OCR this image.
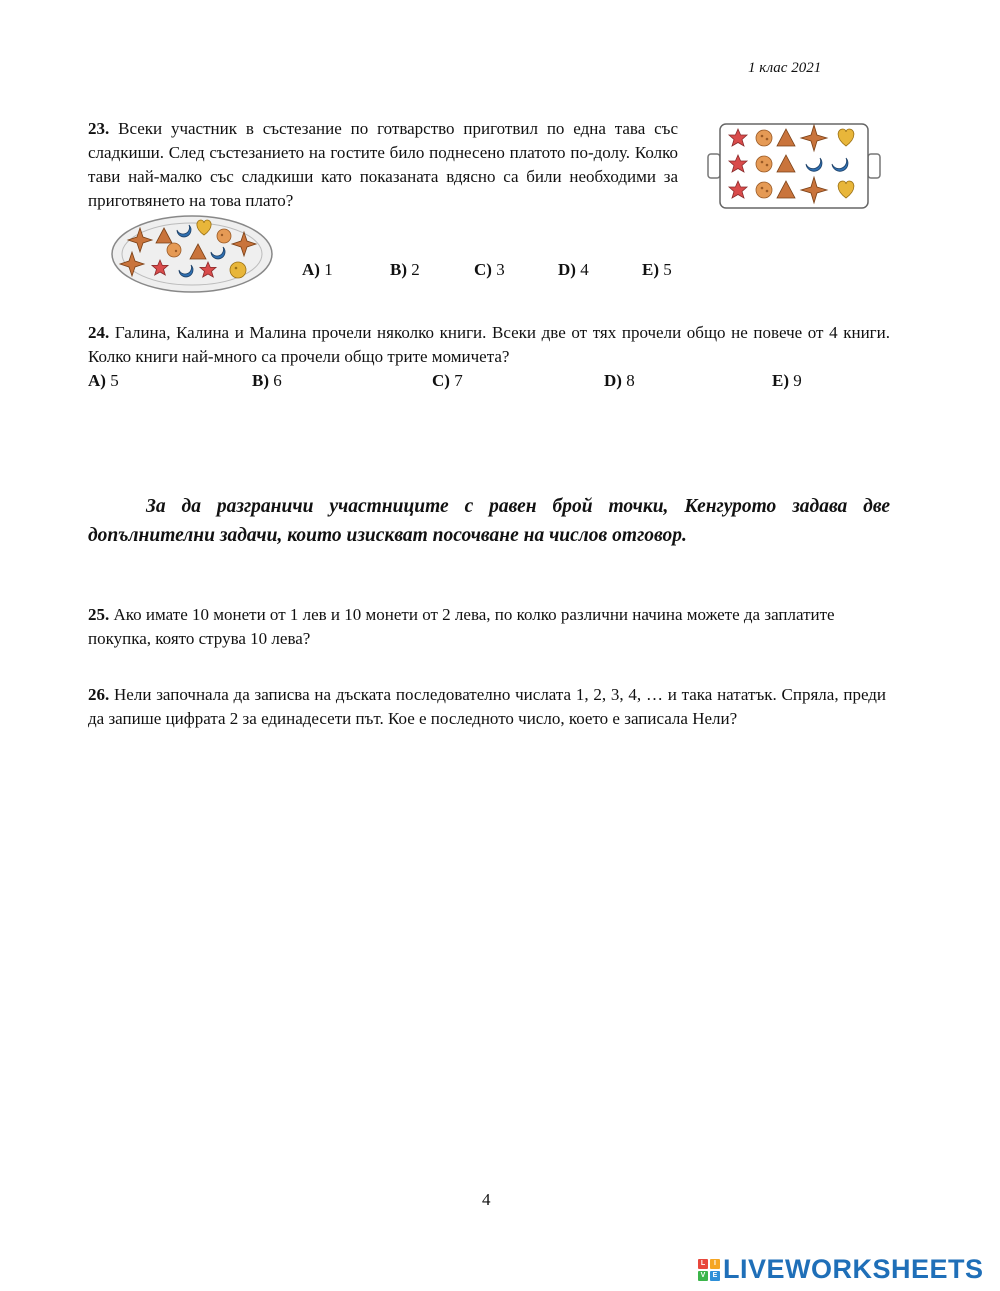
1 клас 2021
23. Всеки участник в състезание по готварство приготвил по една тава със сладкиши. След състезанието на гостите било поднесено платото по-долу. Колко тави най-малко със сладкиши като показаната вдясно са били необходими за приготвянето на това плато?
A) 1	B) 2	C) 3	D) 4	E) 5
24. Галина, Калина и Малина прочели няколко книги. Всеки две от тях прочели общо не повече от 4 книги. Колко книги най-много са прочели общо трите момичета?
A) 5	B) 6	C) 7	D) 8	E) 9
За да разграничи участниците с равен брой точки, Кенгурото задава две допълнителни задачи, които изискват посочване на числов отговор.
25. Ако имате 10 монети от 1 лев и 10 монети от 2 лева, по колко различни начина можете да заплатите покупка, която струва 10 лева?
26. Нели започнала да записва на дъската последователно числата 1, 2, 3, 4, … и така нататък. Спряла, преди да запише цифрата 2 за единадесети път. Кое е последното число, което е записала Нели?
4
L	I
V	E LIVEWORKSHEETS
